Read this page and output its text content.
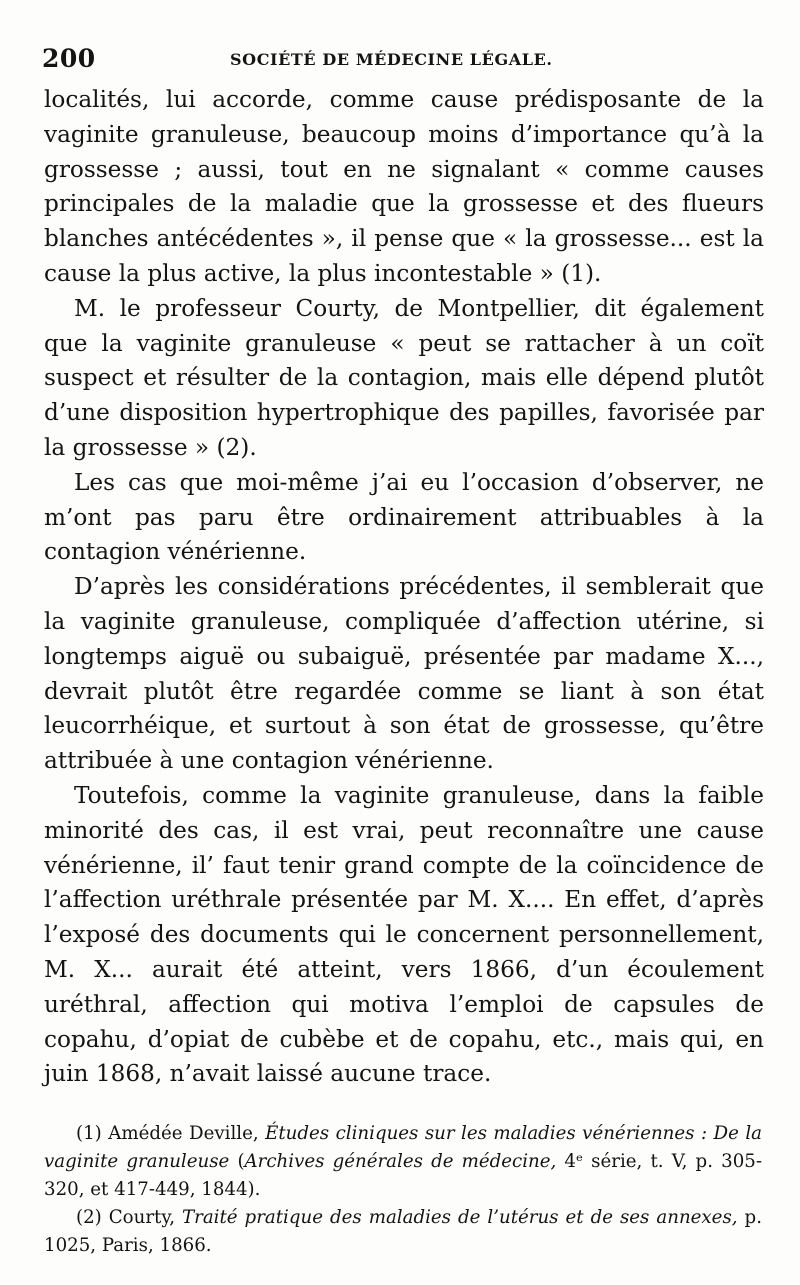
200	SOCIÉTÉ DE MÉDECINE LÉGALE.

localités, lui accorde, comme cause prédisposante de la vaginite granuleuse, beaucoup moins d’importance qu’à la grossesse ; aussi, tout en ne signalant « comme causes principales de la maladie que la grossesse et des flueurs blanches antécédentes », il pense que « la grossesse... est la cause la plus active, la plus incontestable » (1).

M. le professeur Courty, de Montpellier, dit également que la vaginite granuleuse « peut se rattacher à un coït suspect et résulter de la contagion, mais elle dépend plutôt d’une disposition hypertrophique des papilles, favorisée par la grossesse » (2).

Les cas que moi-même j’ai eu l’occasion d’observer, ne m’ont pas paru être ordinairement attribuables à la contagion vénérienne.

D’après les considérations précédentes, il semblerait que la vaginite granuleuse, compliquée d’affection utérine, si longtemps aiguë ou subaiguë, présentée par madame X..., devrait plutôt être regardée comme se liant à son état leucorrhéique, et surtout à son état de grossesse, qu’être attribuée à une contagion vénérienne.

Toutefois, comme la vaginite granuleuse, dans la faible minorité des cas, il est vrai, peut reconnaître une cause vénérienne, il’ faut tenir grand compte de la coïncidence de l’affection uréthrale présentée par M. X.... En effet, d’après l’exposé des documents qui le concernent personnellement, M. X... aurait été atteint, vers 1866, d’un écoulement uréthral, affection qui motiva l’emploi de capsules de copahu, d’opiat de cubèbe et de copahu, etc., mais qui, en juin 1868, n’avait laissé aucune trace.

(1) Amédée Deville, Études cliniques sur les maladies vénériennes : De la vaginite granuleuse (Archives générales de médecine, 4ᵉ série, t. V, p. 305-320, et 417-449, 1844).

(2) Courty, Traité pratique des maladies de l’utérus et de ses annexes, p. 1025, Paris, 1866.
